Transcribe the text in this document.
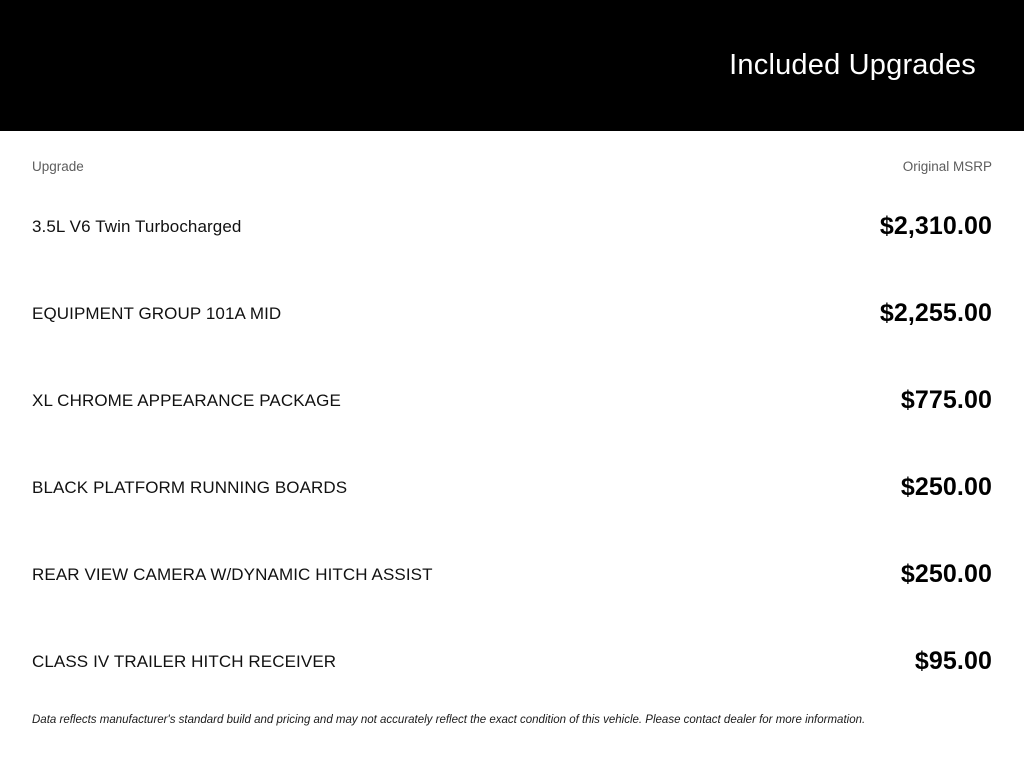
Included Upgrades
Upgrade	Original MSRP
3.5L V6 Twin Turbocharged	$2,310.00
EQUIPMENT GROUP 101A MID	$2,255.00
XL CHROME APPEARANCE PACKAGE	$775.00
BLACK PLATFORM RUNNING BOARDS	$250.00
REAR VIEW CAMERA W/DYNAMIC HITCH ASSIST	$250.00
CLASS IV TRAILER HITCH RECEIVER	$95.00
Data reflects manufacturer's standard build and pricing and may not accurately reflect the exact condition of this vehicle. Please contact dealer for more information.
